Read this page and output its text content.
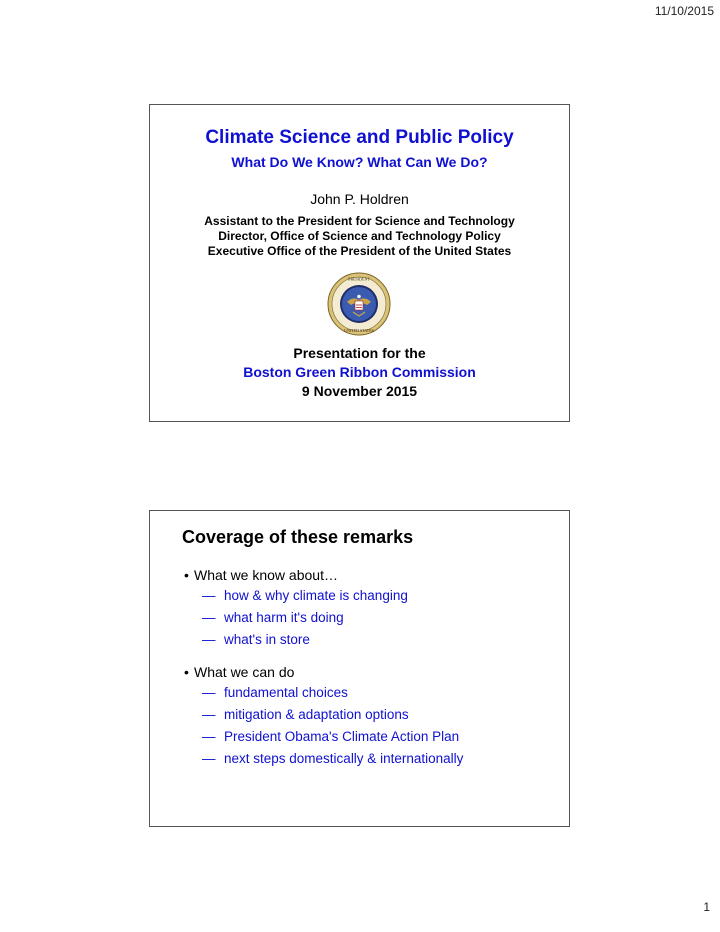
11/10/2015
Climate Science and Public Policy
What Do We Know? What Can We Do?
John P. Holdren
Assistant to the President for Science and Technology
Director, Office of Science and Technology Policy
Executive Office of the President of the United States
PRESIDENT
UNITED STATES
Presentation for the
Boston Green Ribbon Commission
9 November 2015
Coverage of these remarks
• What we know about…
— how & why climate is changing
— what harm it's doing
— what's in store
• What we can do
— fundamental choices
— mitigation & adaptation options
— President Obama's Climate Action Plan
— next steps domestically & internationally
1
